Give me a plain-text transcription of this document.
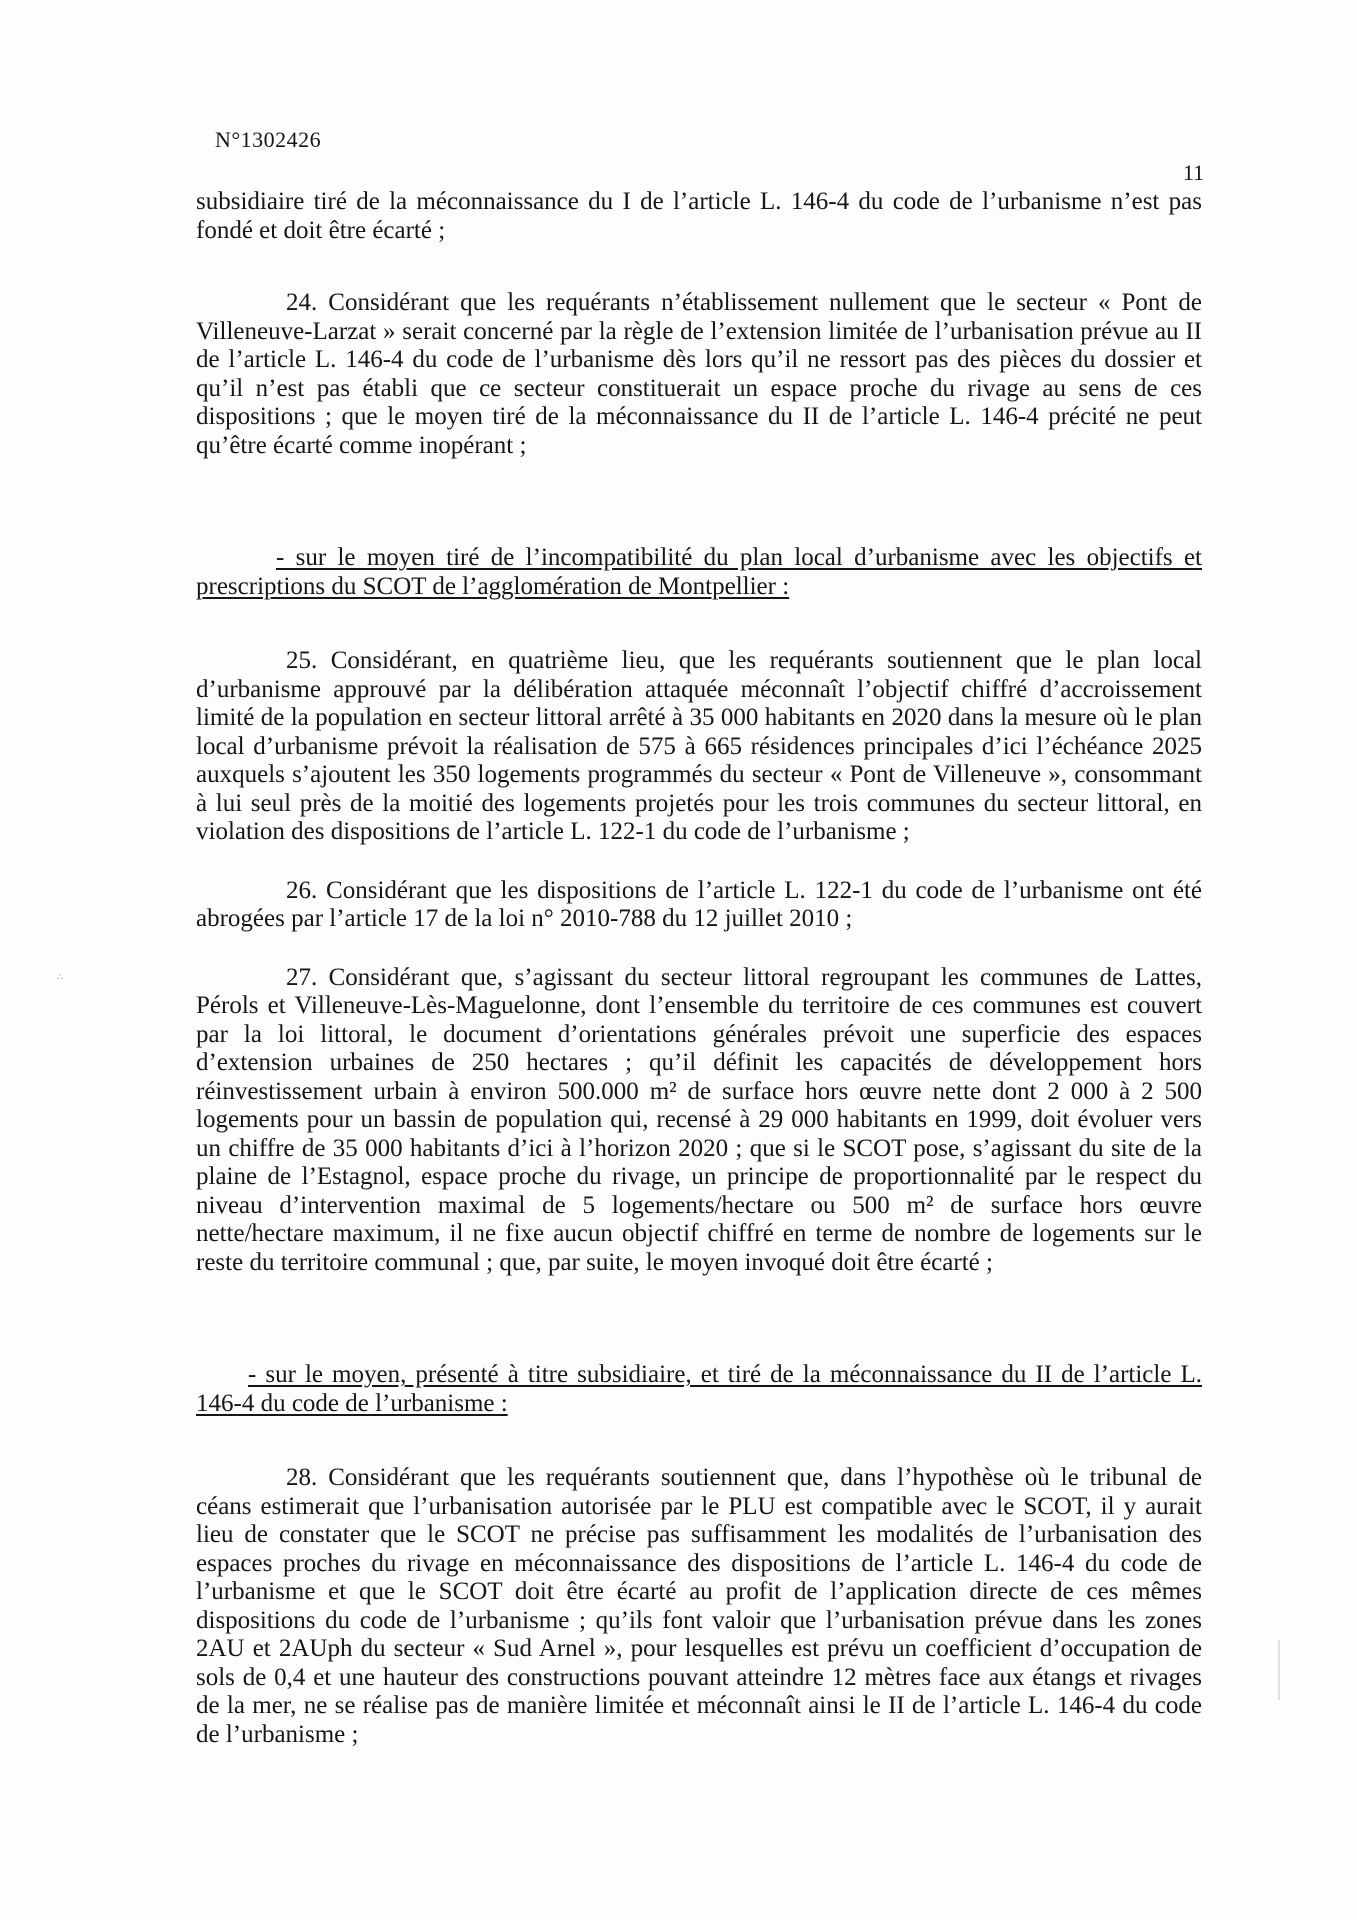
N°1302426
11

subsidiaire tiré de la méconnaissance du I de l’article L. 146-4 du code de l’urbanisme n’est pas fondé et doit être écarté ;

24. Considérant que les requérants n’établissement nullement que le secteur « Pont de Villeneuve-Larzat » serait concerné par la règle de l’extension limitée de l’urbanisation prévue au II de l’article L. 146-4 du code de l’urbanisme dès lors qu’il ne ressort pas des pièces du dossier et qu’il n’est pas établi que ce secteur constituerait un espace proche du rivage au sens de ces dispositions ; que le moyen tiré de la méconnaissance du II de l’article L. 146-4 précité ne peut qu’être écarté comme inopérant ;

- sur le moyen tiré de l’incompatibilité du plan local d’urbanisme avec les objectifs et prescriptions du SCOT de l’agglomération de Montpellier :

25. Considérant, en quatrième lieu, que les requérants soutiennent que le plan local d’urbanisme approuvé par la délibération attaquée méconnaît l’objectif chiffré d’accroissement limité de la population en secteur littoral arrêté à 35 000 habitants en 2020 dans la mesure où le plan local d’urbanisme prévoit la réalisation de 575 à 665 résidences principales d’ici l’échéance 2025 auxquels s’ajoutent les 350 logements programmés du secteur « Pont de Villeneuve », consommant à lui seul près de la moitié des logements projetés pour les trois communes du secteur littoral, en violation des dispositions de l’article L. 122-1 du code de l’urbanisme ;

26. Considérant que les dispositions de l’article L. 122-1 du code de l’urbanisme ont été abrogées par l’article 17 de la loi n° 2010-788 du 12 juillet 2010 ;

27. Considérant que, s’agissant du secteur littoral regroupant les communes de Lattes, Pérols et Villeneuve-Lès-Maguelonne, dont l’ensemble du territoire de ces communes est couvert par la loi littoral, le document d’orientations générales prévoit une superficie des espaces d’extension urbaines de 250 hectares ; qu’il définit les capacités de développement hors réinvestissement urbain à environ 500.000 m² de surface hors œuvre nette dont 2 000 à 2 500 logements pour un bassin de population qui, recensé à 29 000 habitants en 1999, doit évoluer vers un chiffre de 35 000 habitants d’ici à l’horizon 2020 ; que si le SCOT pose, s’agissant du site de la plaine de l’Estagnol, espace proche du rivage, un principe de proportionnalité par le respect du niveau d’intervention maximal de 5 logements/hectare ou 500 m² de surface hors œuvre nette/hectare maximum, il ne fixe aucun objectif chiffré en terme de nombre de logements sur le reste du territoire communal ; que, par suite, le moyen invoqué doit être écarté ;

- sur le moyen, présenté à titre subsidiaire, et tiré de la méconnaissance du II de l’article L. 146-4 du code de l’urbanisme :

28. Considérant que les requérants soutiennent que, dans l’hypothèse où le tribunal de céans estimerait que l’urbanisation autorisée par le PLU est compatible avec le SCOT, il y aurait lieu de constater que le SCOT ne précise pas suffisamment les modalités de l’urbanisation des espaces proches du rivage en méconnaissance des dispositions de l’article L. 146-4 du code de l’urbanisme et que le SCOT doit être écarté au profit de l’application directe de ces mêmes dispositions du code de l’urbanisme ; qu’ils font valoir que l’urbanisation prévue dans les zones 2AU et 2AUph du secteur « Sud Arnel », pour lesquelles est prévu un coefficient d’occupation de sols de 0,4 et une hauteur des constructions pouvant atteindre 12 mètres face aux étangs et rivages de la mer, ne se réalise pas de manière limitée et méconnaît ainsi le II de l’article L. 146-4 du code de l’urbanisme ;

∴
